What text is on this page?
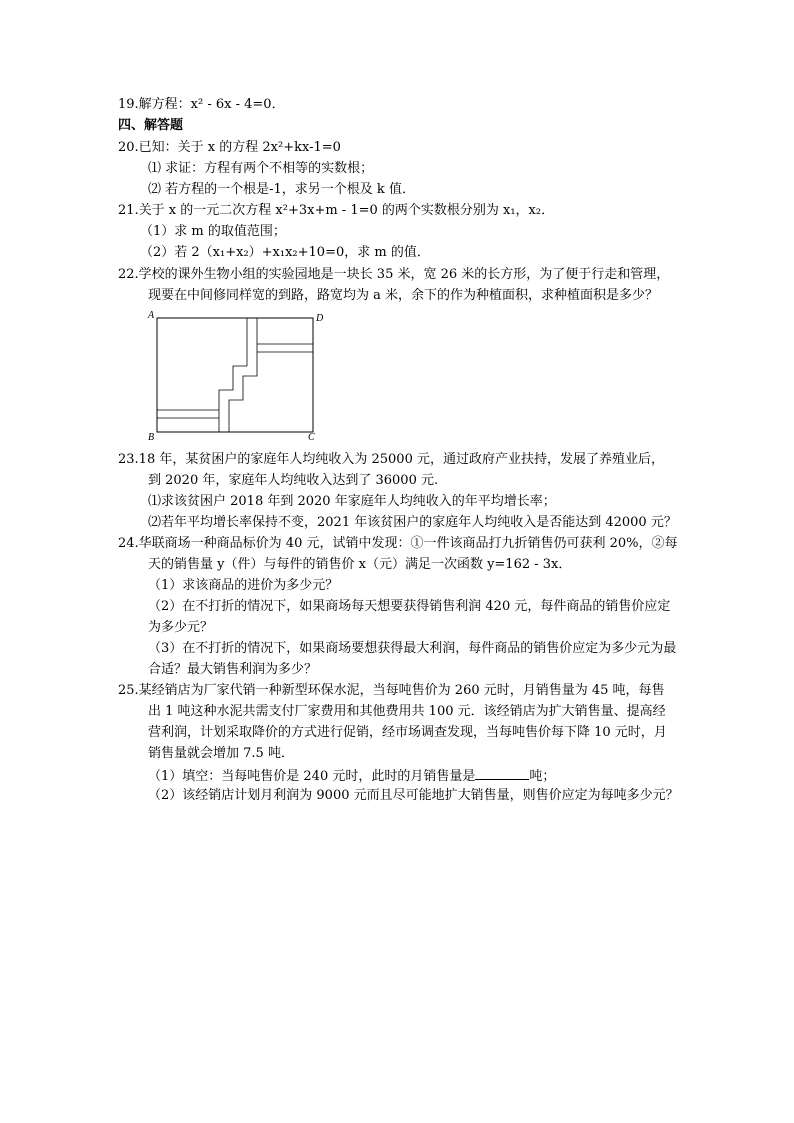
19.解方程：x² - 6x - 4=0．
四、解答题
20.已知：关于 x 的方程 2x²+kx-1=0
⑴ 求证：方程有两个不相等的实数根；
⑵ 若方程的一个根是-1，求另一个根及 k 值．
21.关于 x 的一元二次方程 x²+3x+m - 1=0 的两个实数根分别为 x₁，x₂．
（1）求 m 的取值范围；
（2）若 2（x₁+x₂）+x₁x₂+10=0，求 m 的值．
22.学校的课外生物小组的实验园地是一块长 35 米，宽 26 米的长方形，为了便于行走和管理，
现要在中间修同样宽的到路，路宽均为 a 米，余下的作为种植面积，求种植面积是多少？
A	D
B	C
23.18 年，某贫困户的家庭年人均纯收入为 25000 元，通过政府产业扶持，发展了养殖业后，
到 2020 年，家庭年人均纯收入达到了 36000 元.
⑴求该贫困户 2018 年到 2020 年家庭年人均纯收入的年平均增长率；
⑵若年平均增长率保持不变，2021 年该贫困户的家庭年人均纯收入是否能达到 42000 元？
24.华联商场一种商品标价为 40 元，试销中发现：①一件该商品打九折销售仍可获利 20%，②每
天的销售量 y（件）与每件的销售价 x（元）满足一次函数 y=162 - 3x．
（1）求该商品的进价为多少元？
（2）在不打折的情况下，如果商场每天想要获得销售利润 420 元，每件商品的销售价应定
为多少元？
（3）在不打折的情况下，如果商场要想获得最大利润，每件商品的销售价应定为多少元为最
合适？最大销售利润为多少？
25.某经销店为厂家代销一种新型环保水泥，当每吨售价为 260 元时，月销售量为 45 吨，每售
出 1 吨这种水泥共需支付厂家费用和其他费用共 100 元．该经销店为扩大销售量、提高经
营利润，计划采取降价的方式进行促销，经市场调查发现，当每吨售价每下降 10 元时，月
销售量就会增加 7.5 吨．
（1）填空：当每吨售价是 240 元时，此时的月销售量是	吨；
（2）该经销店计划月利润为 9000 元而且尽可能地扩大销售量，则售价应定为每吨多少元？
